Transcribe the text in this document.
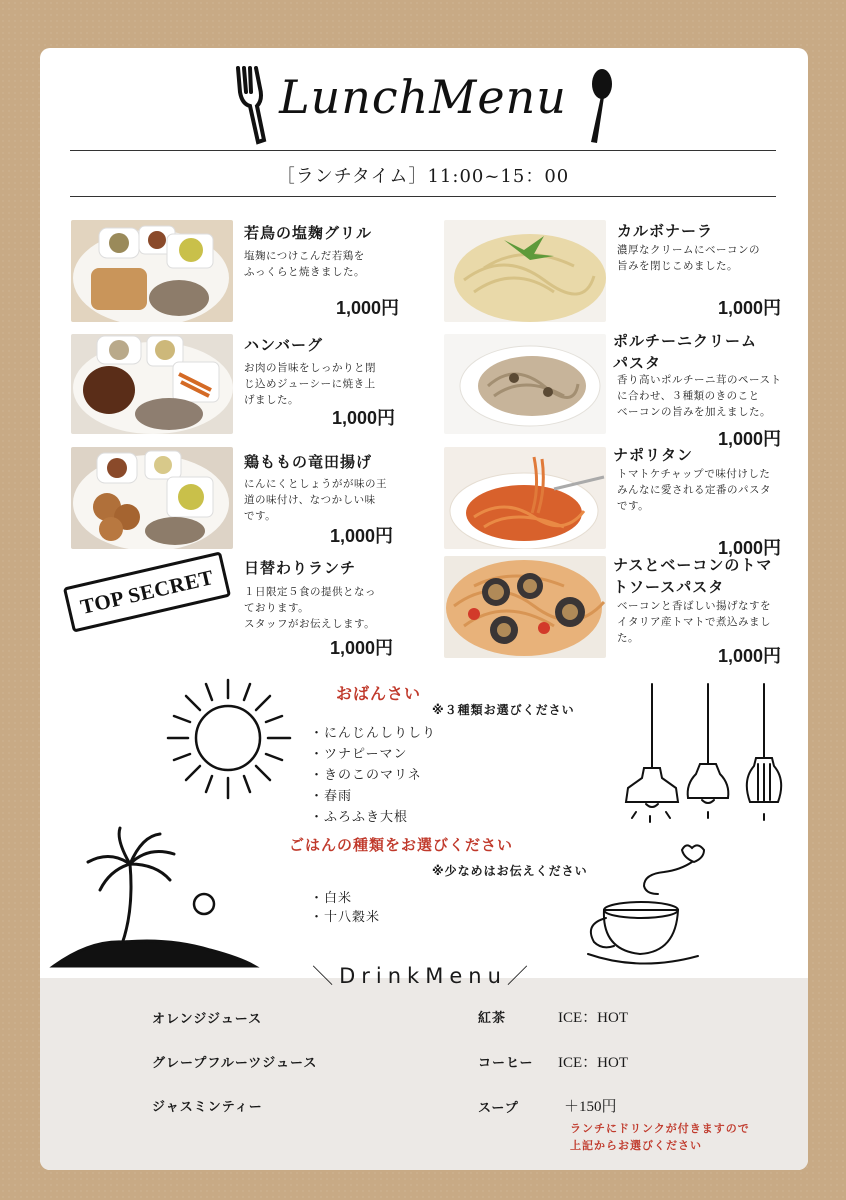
LunchMenu
［ランチタイム］11:00~15：00
若鳥の塩麹グリル
塩麹につけこんだ若鶏を
ふっくらと焼きました。
1,000円
ハンバーグ
お肉の旨味をしっかりと閉
じ込めジューシーに焼き上
げました。
1,000円
鶏ももの竜田揚げ
にんにくとしょうがが味の王
道の味付け、なつかしい味
です。
1,000円
日替わりランチ
１日限定５食の提供となっ
ております。
スタッフがお伝えします。
1,000円
TOP SECRET
カルボナーラ
濃厚なクリームにベーコンの
旨みを閉じこめました。
1,000円
ポルチーニクリーム
パスタ
香り高いポルチーニ茸のペースト
に合わせ、３種類のきのこと
ベーコンの旨みを加えました。
1,000円
ナポリタン
トマトケチャップで味付けした
みんなに愛される定番のパスタ
です。
1,000円
ナスとベーコンのトマ
トソースパスタ
ベーコンと香ばしい揚げなすを
イタリア産トマトで煮込みまし
た。
1,000円
おばんさい
※３種類お選びください
・にんじんしりしり
・ツナピーマン
・きのこのマリネ
・春雨
・ふろふき大根
ごはんの種類をお選びください
※少なめはお伝えください
・白米
・十八穀米
＼DrinkMenu／
オレンジジュース
グレープフルーツジュース
ジャスミンティー
紅茶	ICE：HOT
コーヒー ICE：HOT
スープ	＋150円
ランチにドリンクが付きますので
上記からお選びください
